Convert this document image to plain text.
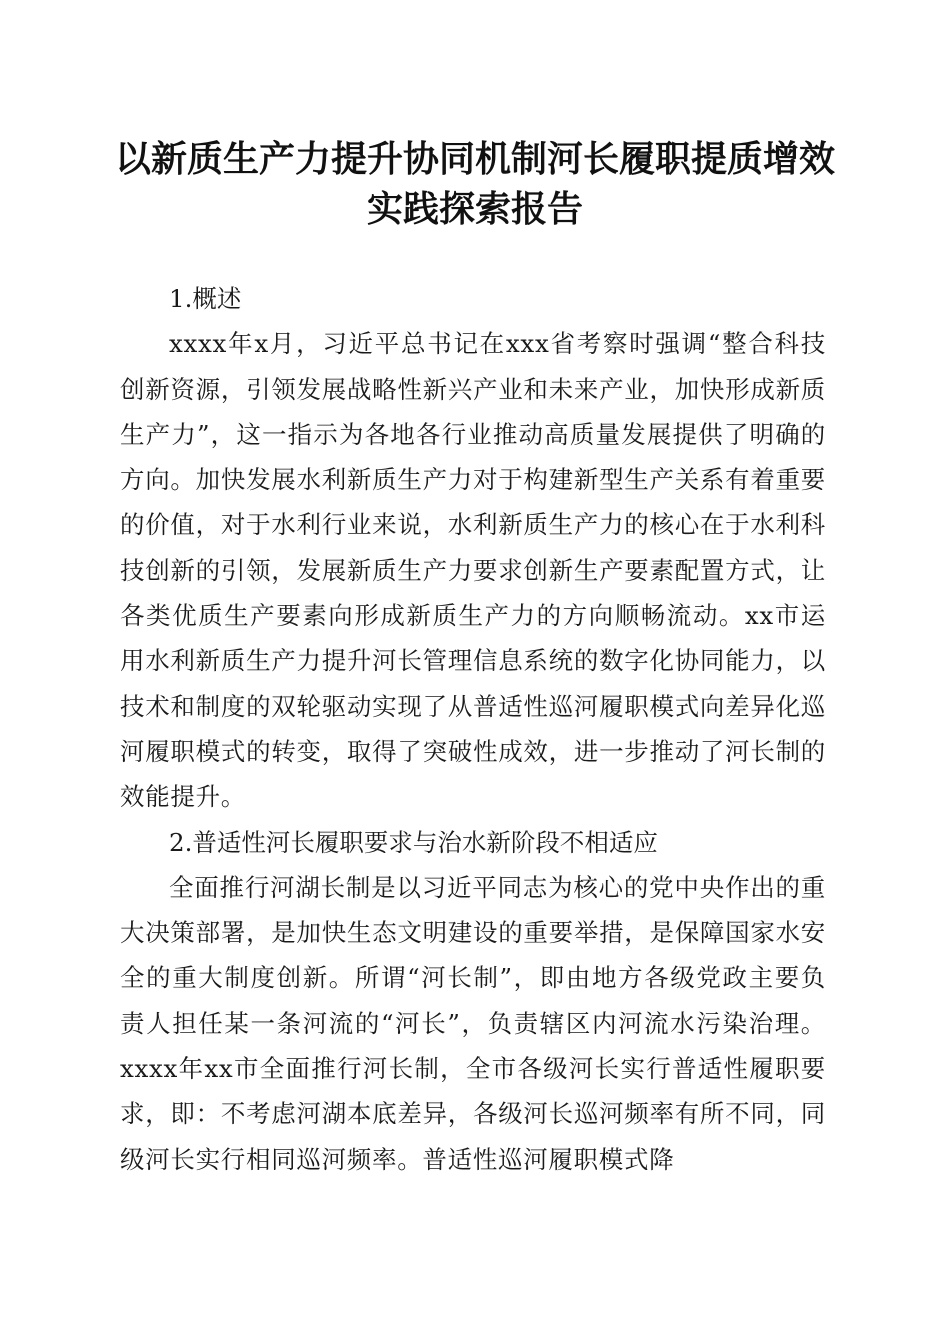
以新质生产力提升协同机制河长履职提质增效实践探索报告

1.概述

xxxx年x月，习近平总书记在xxx省考察时强调“整合科技创新资源，引领发展战略性新兴产业和未来产业，加快形成新质生产力”，这一指示为各地各行业推动高质量发展提供了明确的方向。加快发展水利新质生产力对于构建新型生产关系有着重要的价值，对于水利行业来说，水利新质生产力的核心在于水利科技创新的引领，发展新质生产力要求创新生产要素配置方式，让各类优质生产要素向形成新质生产力的方向顺畅流动。xx市运用水利新质生产力提升河长管理信息系统的数字化协同能力，以技术和制度的双轮驱动实现了从普适性巡河履职模式向差异化巡河履职模式的转变，取得了突破性成效，进一步推动了河长制的效能提升。

2.普适性河长履职要求与治水新阶段不相适应

全面推行河湖长制是以习近平同志为核心的党中央作出的重大决策部署，是加快生态文明建设的重要举措，是保障国家水安全的重大制度创新。所谓“河长制”，即由地方各级党政主要负责人担任某一条河流的“河长”，负责辖区内河流水污染治理。xxxx年xx市全面推行河长制，全市各级河长实行普适性履职要求，即：不考虑河湖本底差异，各级河长巡河频率有所不同，同级河长实行相同巡河频率。普适性巡河履职模式降
